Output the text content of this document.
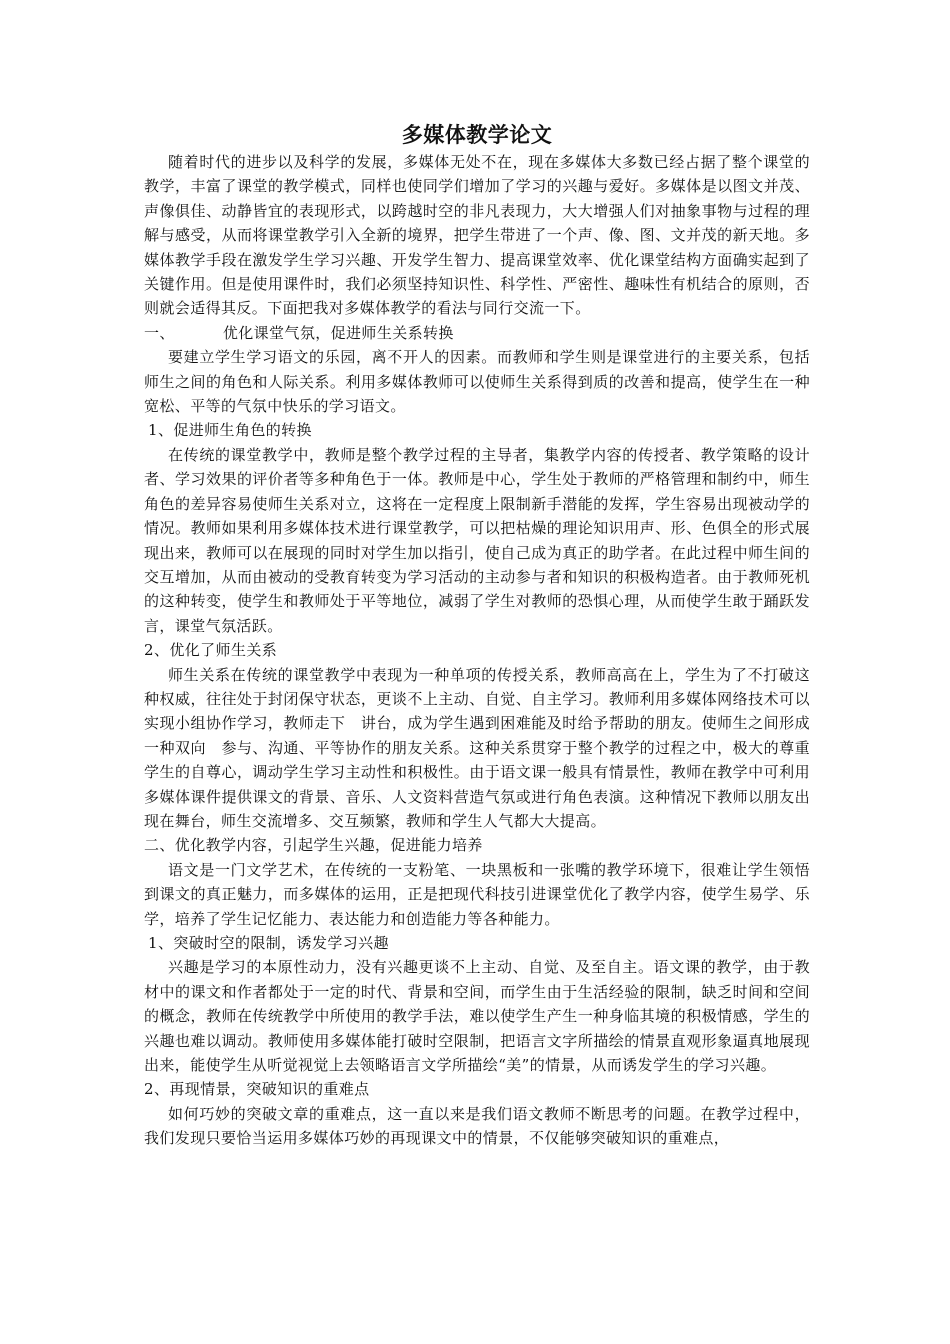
多媒体教学论文

随着时代的进步以及科学的发展，多媒体无处不在，现在多媒体大多数已经占据了整个课堂的教学，丰富了课堂的教学模式，同样也使同学们增加了学习的兴趣与爱好。多媒体是以图文并茂、声像俱佳、动静皆宜的表现形式，以跨越时空的非凡表现力，大大增强人们对抽象事物与过程的理解与感受，从而将课堂教学引入全新的境界，把学生带进了一个声、像、图、文并茂的新天地。多媒体教学手段在激发学生学习兴趣、开发学生智力、提高课堂效率、优化课堂结构方面确实起到了关键作用。但是使用课件时，我们必须坚持知识性、科学性、严密性、趣味性有机结合的原则，否则就会适得其反。下面把我对多媒体教学的看法与同行交流一下。

一、	优化课堂气氛，促进师生关系转换

要建立学生学习语文的乐园，离不开人的因素。而教师和学生则是课堂进行的主要关系，包括师生之间的角色和人际关系。利用多媒体教师可以使师生关系得到质的改善和提高，使学生在一种宽松、平等的气氛中快乐的学习语文。

1、促进师生角色的转换

在传统的课堂教学中，教师是整个教学过程的主导者，集教学内容的传授者、教学策略的设计者、学习效果的评价者等多种角色于一体。教师是中心，学生处于教师的严格管理和制约中，师生角色的差异容易使师生关系对立，这将在一定程度上限制新手潜能的发挥，学生容易出现被动学的情况。教师如果利用多媒体技术进行课堂教学，可以把枯燥的理论知识用声、形、色俱全的形式展现出来，教师可以在展现的同时对学生加以指引，使自己成为真正的助学者。在此过程中师生间的交互增加，从而由被动的受教育转变为学习活动的主动参与者和知识的积极构造者。由于教师死机的这种转变，使学生和教师处于平等地位，减弱了学生对教师的恐惧心理，从而使学生敢于踊跃发言，课堂气氛活跃。

2、优化了师生关系

师生关系在传统的课堂教学中表现为一种单项的传授关系，教师高高在上，学生为了不打破这种权威，往往处于封闭保守状态，更谈不上主动、自觉、自主学习。教师利用多媒体网络技术可以实现小组协作学习，教师走下　讲台，成为学生遇到困难能及时给予帮助的朋友。使师生之间形成一种双向　参与、沟通、平等协作的朋友关系。这种关系贯穿于整个教学的过程之中，极大的尊重学生的自尊心，调动学生学习主动性和积极性。由于语文课一般具有情景性，教师在教学中可利用多媒体课件提供课文的背景、音乐、人文资料营造气氛或进行角色表演。这种情况下教师以朋友出现在舞台，师生交流增多、交互频繁，教师和学生人气都大大提高。

二、优化教学内容，引起学生兴趣，促进能力培养

语文是一门文学艺术，在传统的一支粉笔、一块黑板和一张嘴的教学环境下，很难让学生领悟到课文的真正魅力，而多媒体的运用，正是把现代科技引进课堂优化了教学内容，使学生易学、乐学，培养了学生记忆能力、表达能力和创造能力等各种能力。

1、突破时空的限制，诱发学习兴趣

兴趣是学习的本原性动力，没有兴趣更谈不上主动、自觉、及至自主。语文课的教学，由于教材中的课文和作者都处于一定的时代、背景和空间，而学生由于生活经验的限制，缺乏时间和空间的概念，教师在传统教学中所使用的教学手法，难以使学生产生一种身临其境的积极情感，学生的兴趣也难以调动。教师使用多媒体能打破时空限制，把语言文字所描绘的情景直观形象逼真地展现出来，能使学生从听觉视觉上去领略语言文学所描绘“美”的情景，从而诱发学生的学习兴趣。

2、再现情景，突破知识的重难点

如何巧妙的突破文章的重难点，这一直以来是我们语文教师不断思考的问题。在教学过程中，我们发现只要恰当运用多媒体巧妙的再现课文中的情景，不仅能够突破知识的重难点，
